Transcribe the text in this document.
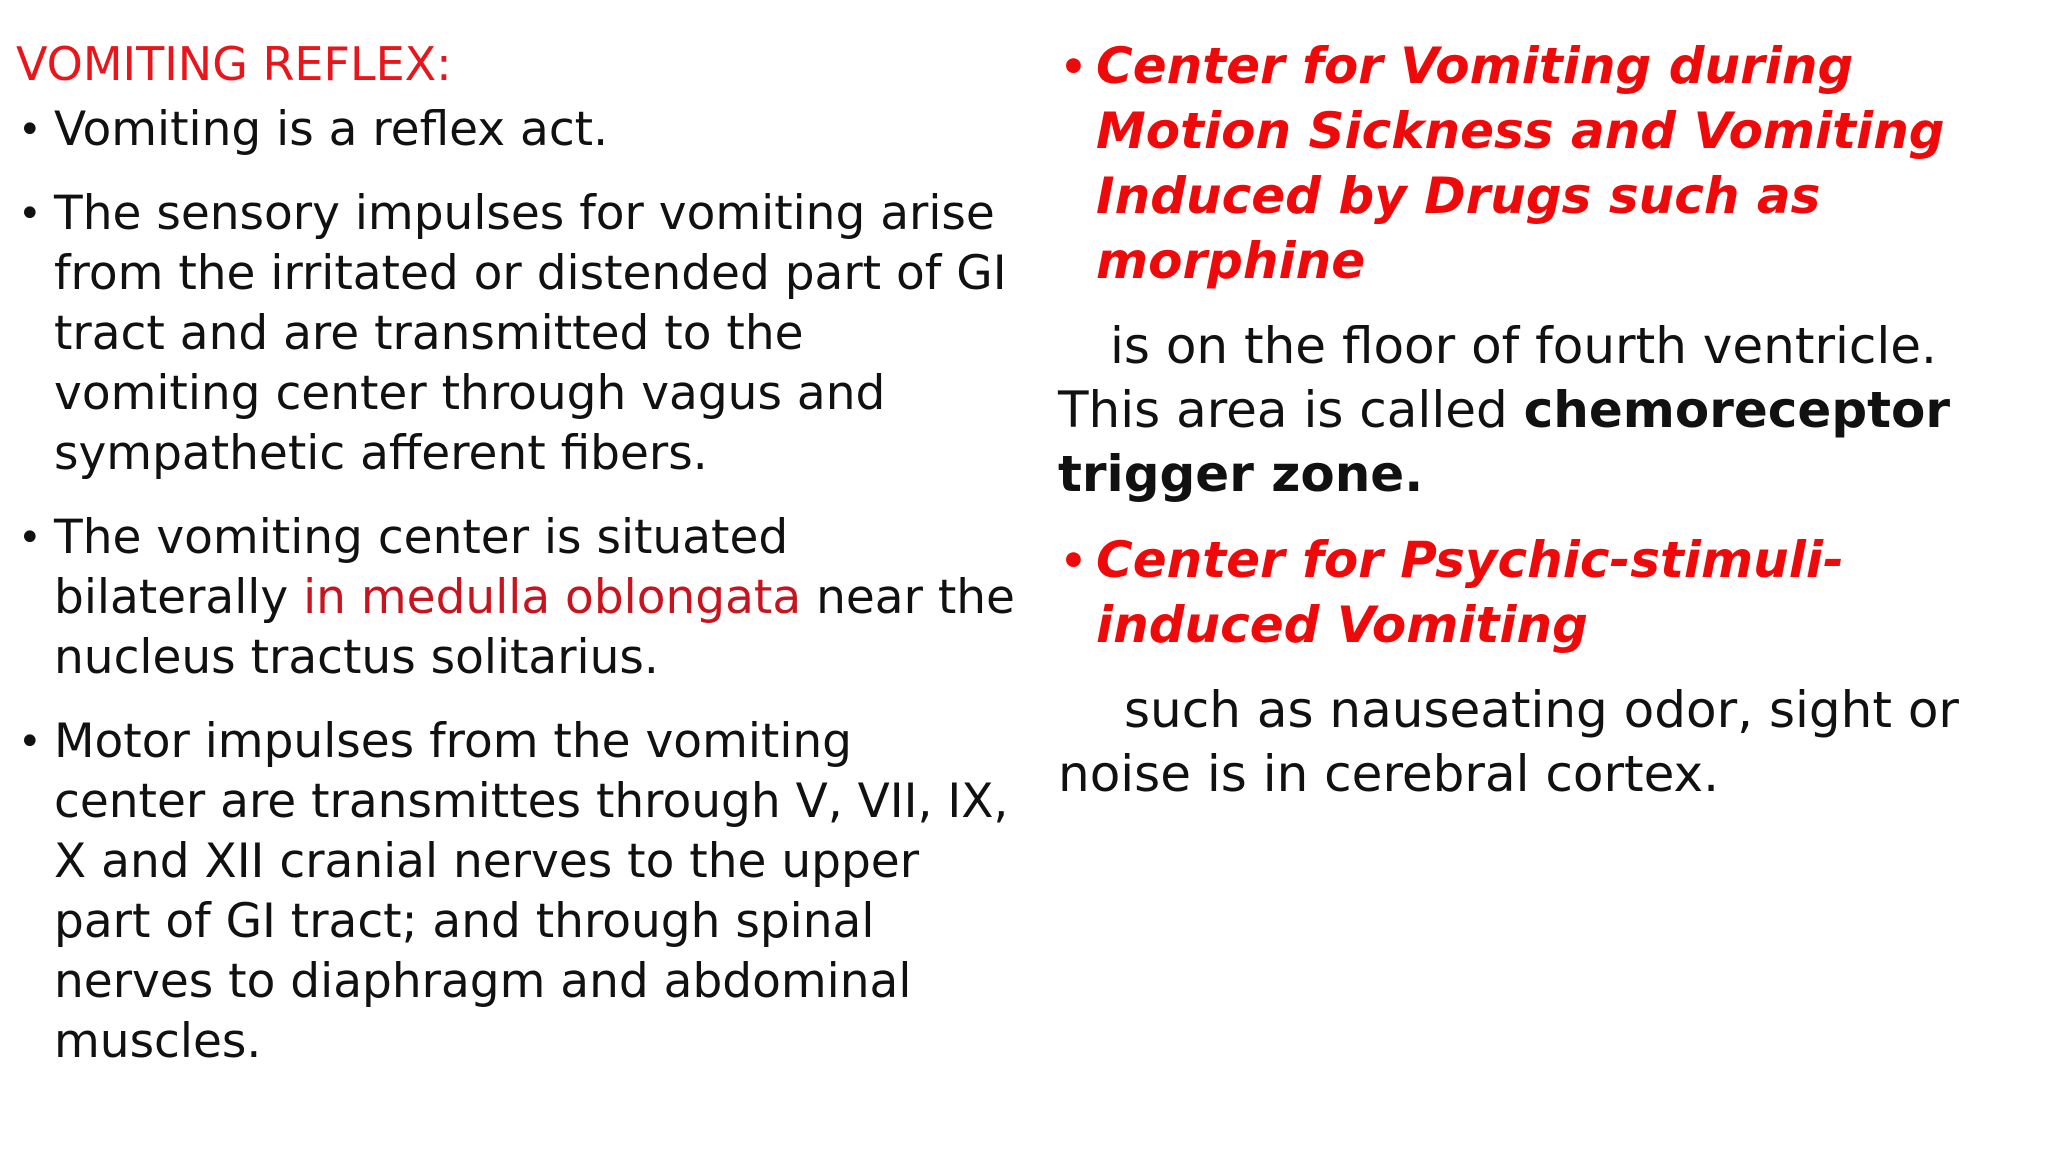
VOMITING REFLEX:
• Vomiting is a reflex act.
• The sensory impulses for vomiting arise from the irritated or distended part of GI tract and are transmitted to the vomiting center through vagus and sympathetic afferent fibers.
• The vomiting center is situated bilaterally in medulla oblongata near the nucleus tractus solitarius.
• Motor impulses from the vomiting center are transmittes through V, VII, IX, X and XII cranial nerves to the upper part of GI tract; and through spinal nerves to diaphragm and abdominal muscles.
• Center for Vomiting during Motion Sickness and Vomiting Induced by Drugs such as morphine
is on the floor of fourth ventricle. This area is called chemoreceptor trigger zone.
• Center for Psychic-stimuli-induced Vomiting
such as nauseating odor, sight or noise is in cerebral cortex.
